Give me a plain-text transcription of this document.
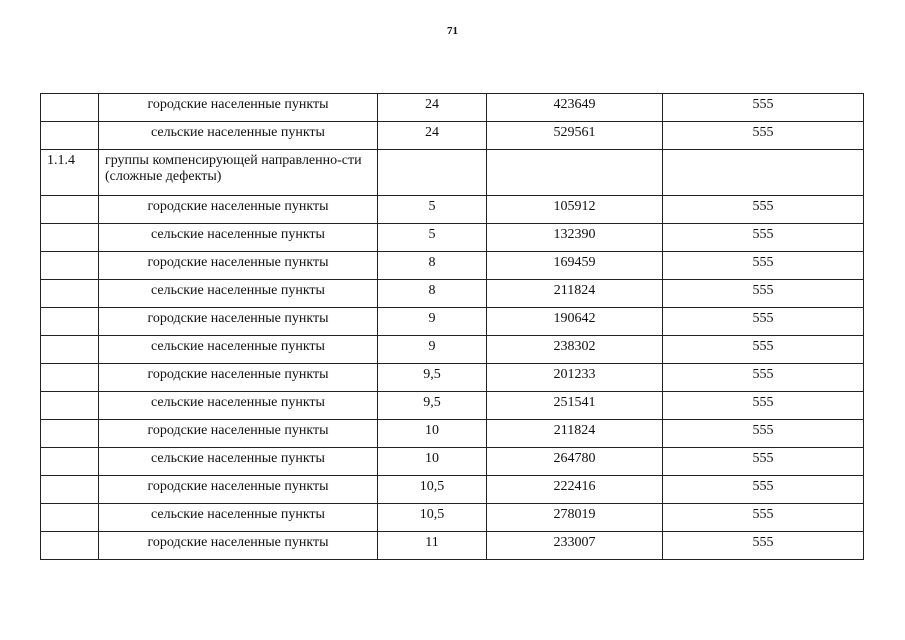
71
	городские населенные пункты	24	423649	555
	сельские населенные пункты	24	529561	555
1.1.4	группы компенсирующей направленно-сти (сложные дефекты)			
	городские населенные пункты	5	105912	555
	сельские населенные пункты	5	132390	555
	городские населенные пункты	8	169459	555
	сельские населенные пункты	8	211824	555
	городские населенные пункты	9	190642	555
	сельские населенные пункты	9	238302	555
	городские населенные пункты	9,5	201233	555
	сельские населенные пункты	9,5	251541	555
	городские населенные пункты	10	211824	555
	сельские населенные пункты	10	264780	555
	городские населенные пункты	10,5	222416	555
	сельские населенные пункты	10,5	278019	555
	городские населенные пункты	11	233007	555
